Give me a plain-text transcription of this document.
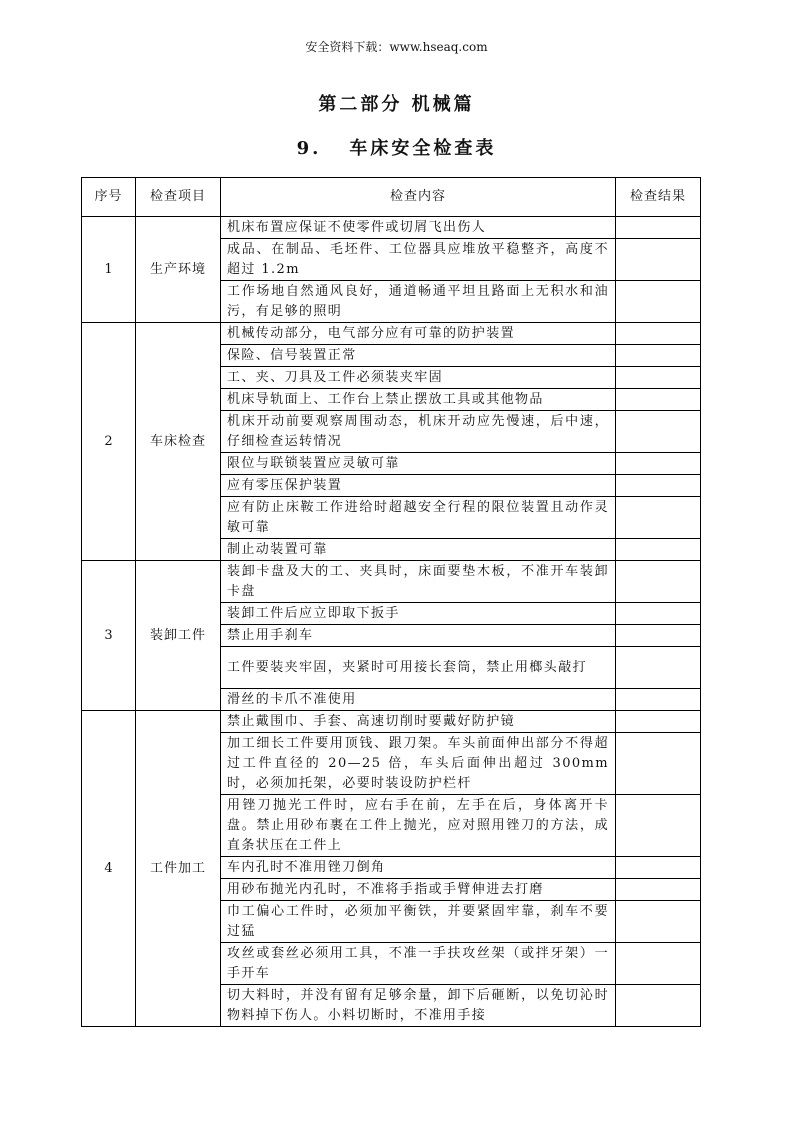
安全资料下载：www.hseaq.com
第二部分 机械篇
9. 车床安全检查表
序号	检查项目	检查内容	检查结果
1	生产环境	机床布置应保证不使零件或切屑飞出伤人	
		成品、在制品、毛坯件、工位器具应堆放平稳整齐，高度不超过 1.2m	
		工作场地自然通风良好，通道畅通平坦且路面上无积水和油污，有足够的照明	
2	车床检查	机械传动部分，电气部分应有可靠的防护装置	
		保险、信号装置正常	
		工、夹、刀具及工件必须装夹牢固	
		机床导轨面上、工作台上禁止摆放工具或其他物品	
		机床开动前要观察周围动态，机床开动应先慢速，后中速，仔细检查运转情况	
		限位与联锁装置应灵敏可靠	
		应有零压保护装置	
		应有防止床鞍工作进给时超越安全行程的限位装置且动作灵敏可靠	
		制止动装置可靠	
3	装卸工件	装卸卡盘及大的工、夹具时，床面要垫木板，不准开车装卸卡盘	
		装卸工件后应立即取下扳手	
		禁止用手刹车	
		工件要装夹牢固，夹紧时可用接长套筒，禁止用榔头敲打	
		滑丝的卡爪不准使用	
4	工件加工	禁止戴围巾、手套、高速切削时要戴好防护镜	
		加工细长工件要用顶钱、跟刀架。车头前面伸出部分不得超过工件直径的 20—25 倍，车头后面伸出超过 300mm 时，必须加托架，必要时装设防护栏杆	
		用锉刀抛光工件时，应右手在前，左手在后，身体离开卡盘。禁止用砂布裹在工件上抛光，应对照用锉刀的方法，成直条状压在工件上	
		车内孔时不准用锉刀倒角	
		用砂布抛光内孔时，不准将手指或手臂伸进去打磨	
		巾工偏心工件时，必须加平衡铁，并要紧固牢靠，刹车不要过猛	
		攻丝或套丝必须用工具，不准一手扶攻丝架（或拌牙架）一手开车	
		切大料时，并没有留有足够余量，卸下后砸断，以免切沁时物料掉下伤人。小料切断时，不准用手接	
